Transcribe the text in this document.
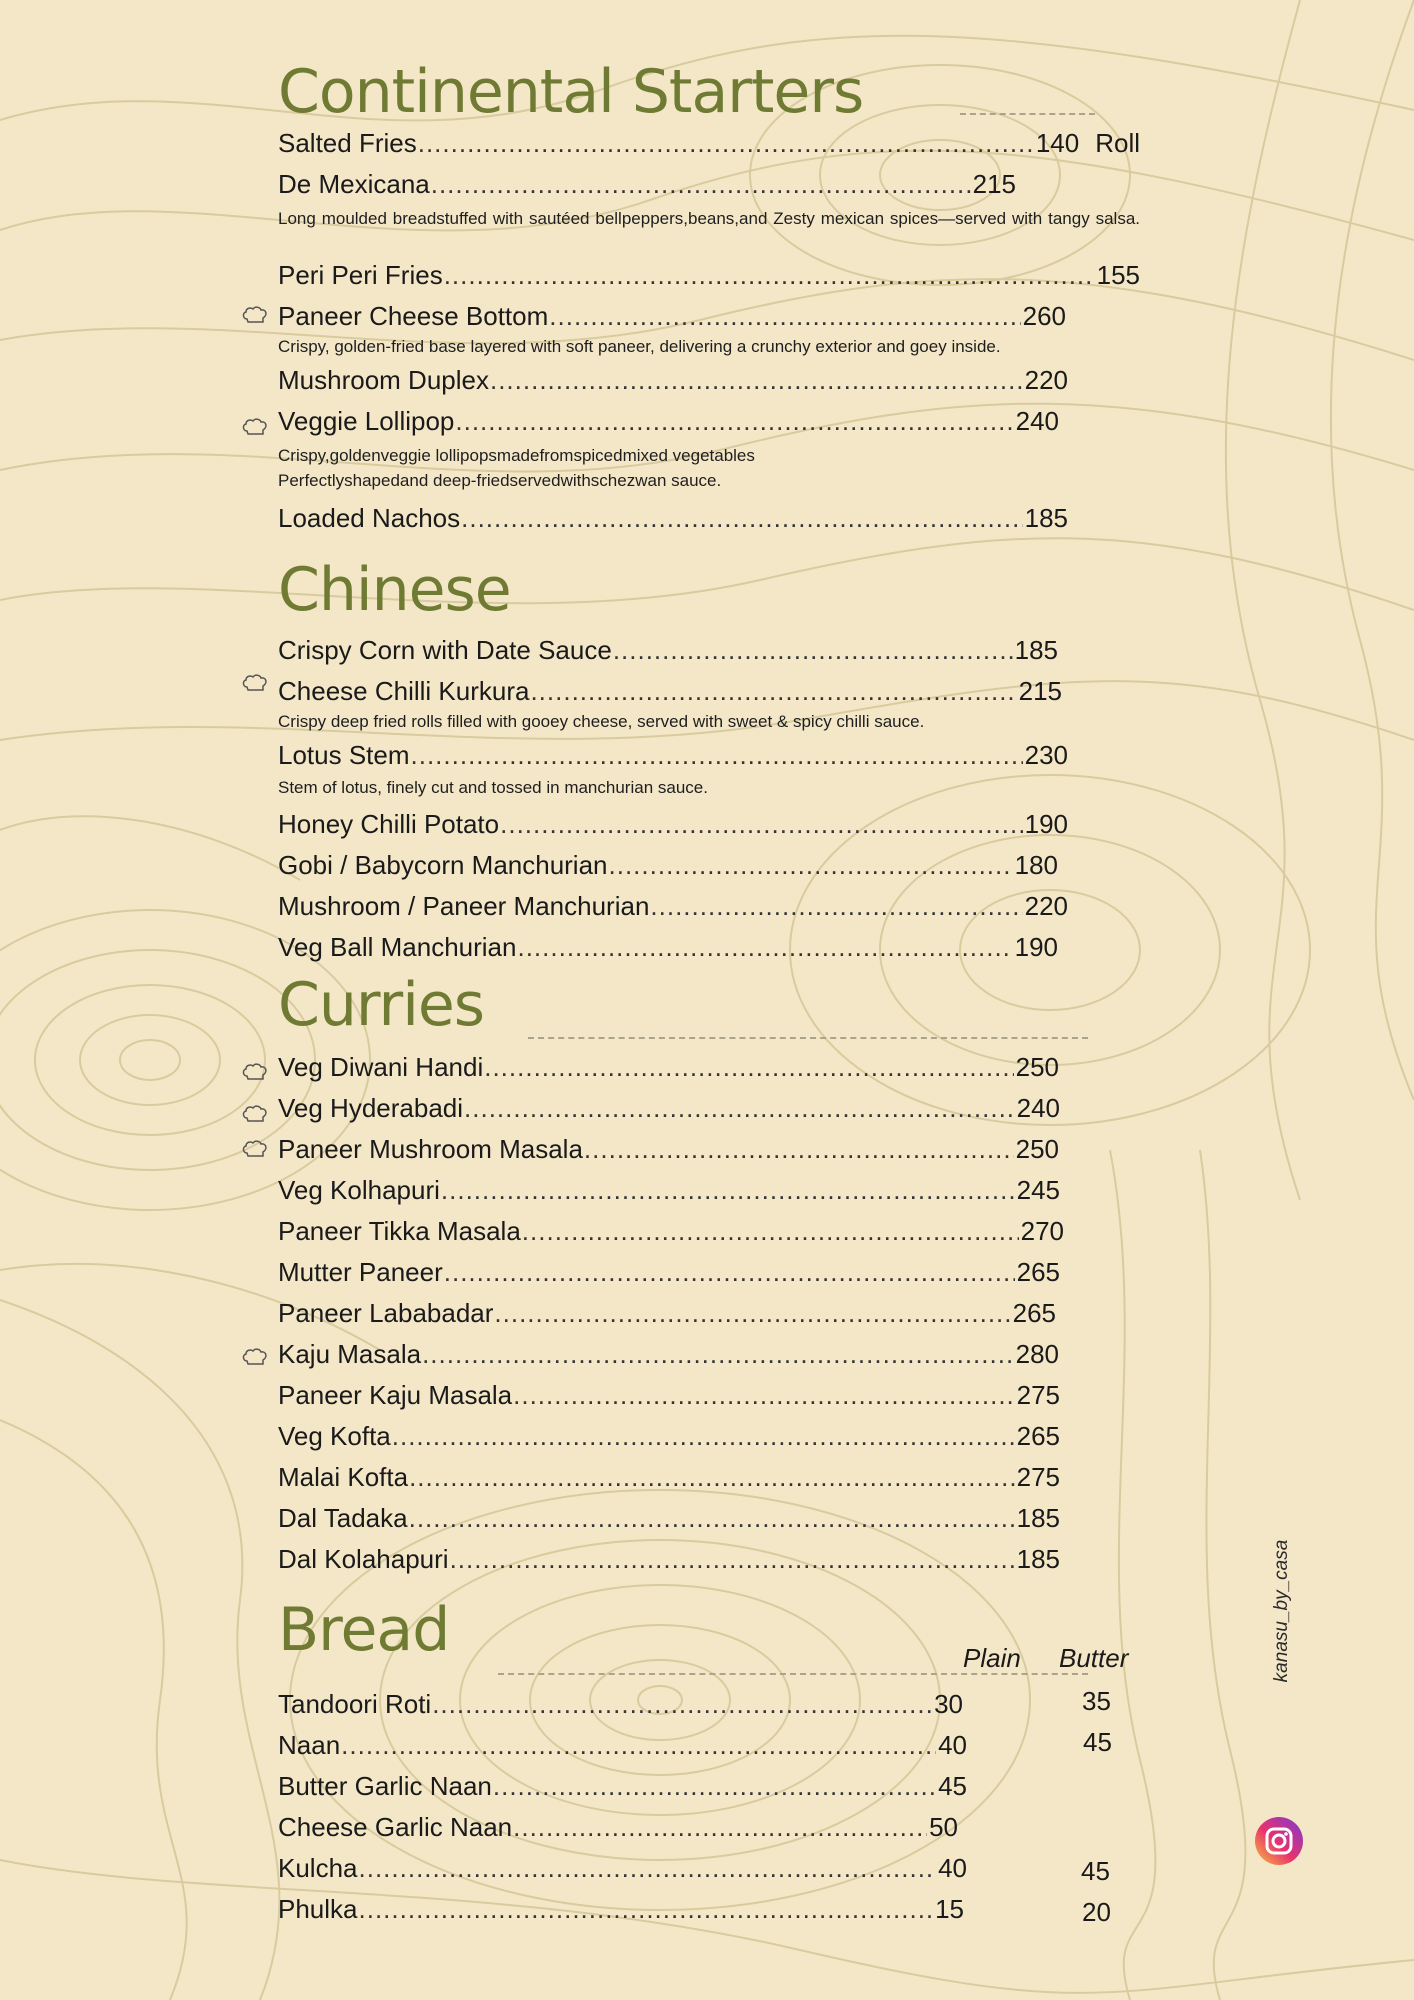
Continental Starters
Salted Fries .....	140 Roll
De Mexicana .....	215
Long moulded breadstuffed with sautéed bellpeppers,beans,and Zesty mexican spices—served with tangy salsa.
Peri Peri Fries .....	155
Paneer Cheese Bottom .....	260
Crispy, golden-fried base layered with soft paneer, delivering a crunchy exterior and goey inside.
Mushroom Duplex .....	220
Veggie Lollipop .....	240
Crispy,goldenveggie lollipopsmadefromspicedmixed vegetables
Perfectlyshapedand deep-friedservedwithschezwan sauce.
Loaded Nachos .....	185
Chinese
Crispy Corn with Date Sauce .....	185
Cheese Chilli Kurkura .....	215
Crispy deep fried rolls filled with gooey cheese, served with sweet & spicy chilli sauce.
Lotus Stem .....	230
Stem of lotus, finely cut and tossed in manchurian sauce.
Honey Chilli Potato .....	190
Gobi / Babycorn Manchurian .....	180
Mushroom / Paneer Manchurian .....	220
Veg Ball Manchurian .....	190
Curries
Veg Diwani Handi .....	250
Veg Hyderabadi .....	240
Paneer Mushroom Masala .....	250
Veg Kolhapuri .....	245
Paneer Tikka Masala .....	270
Mutter Paneer .....	265
Paneer Lababadar .....	265
Kaju Masala .....	280
Paneer Kaju Masala .....	275
Veg Kofta .....	265
Malai Kofta .....	275
Dal Tadaka .....	185
Dal Kolahapuri .....	185
Bread	Plain Butter
Tandoori Roti .....	30	35
Naan .....	40	45
Butter Garlic Naan .....	45
Cheese Garlic Naan .....	50
Kulcha .....	40	45
Phulka .....	15	20
kanasu_by_casa
